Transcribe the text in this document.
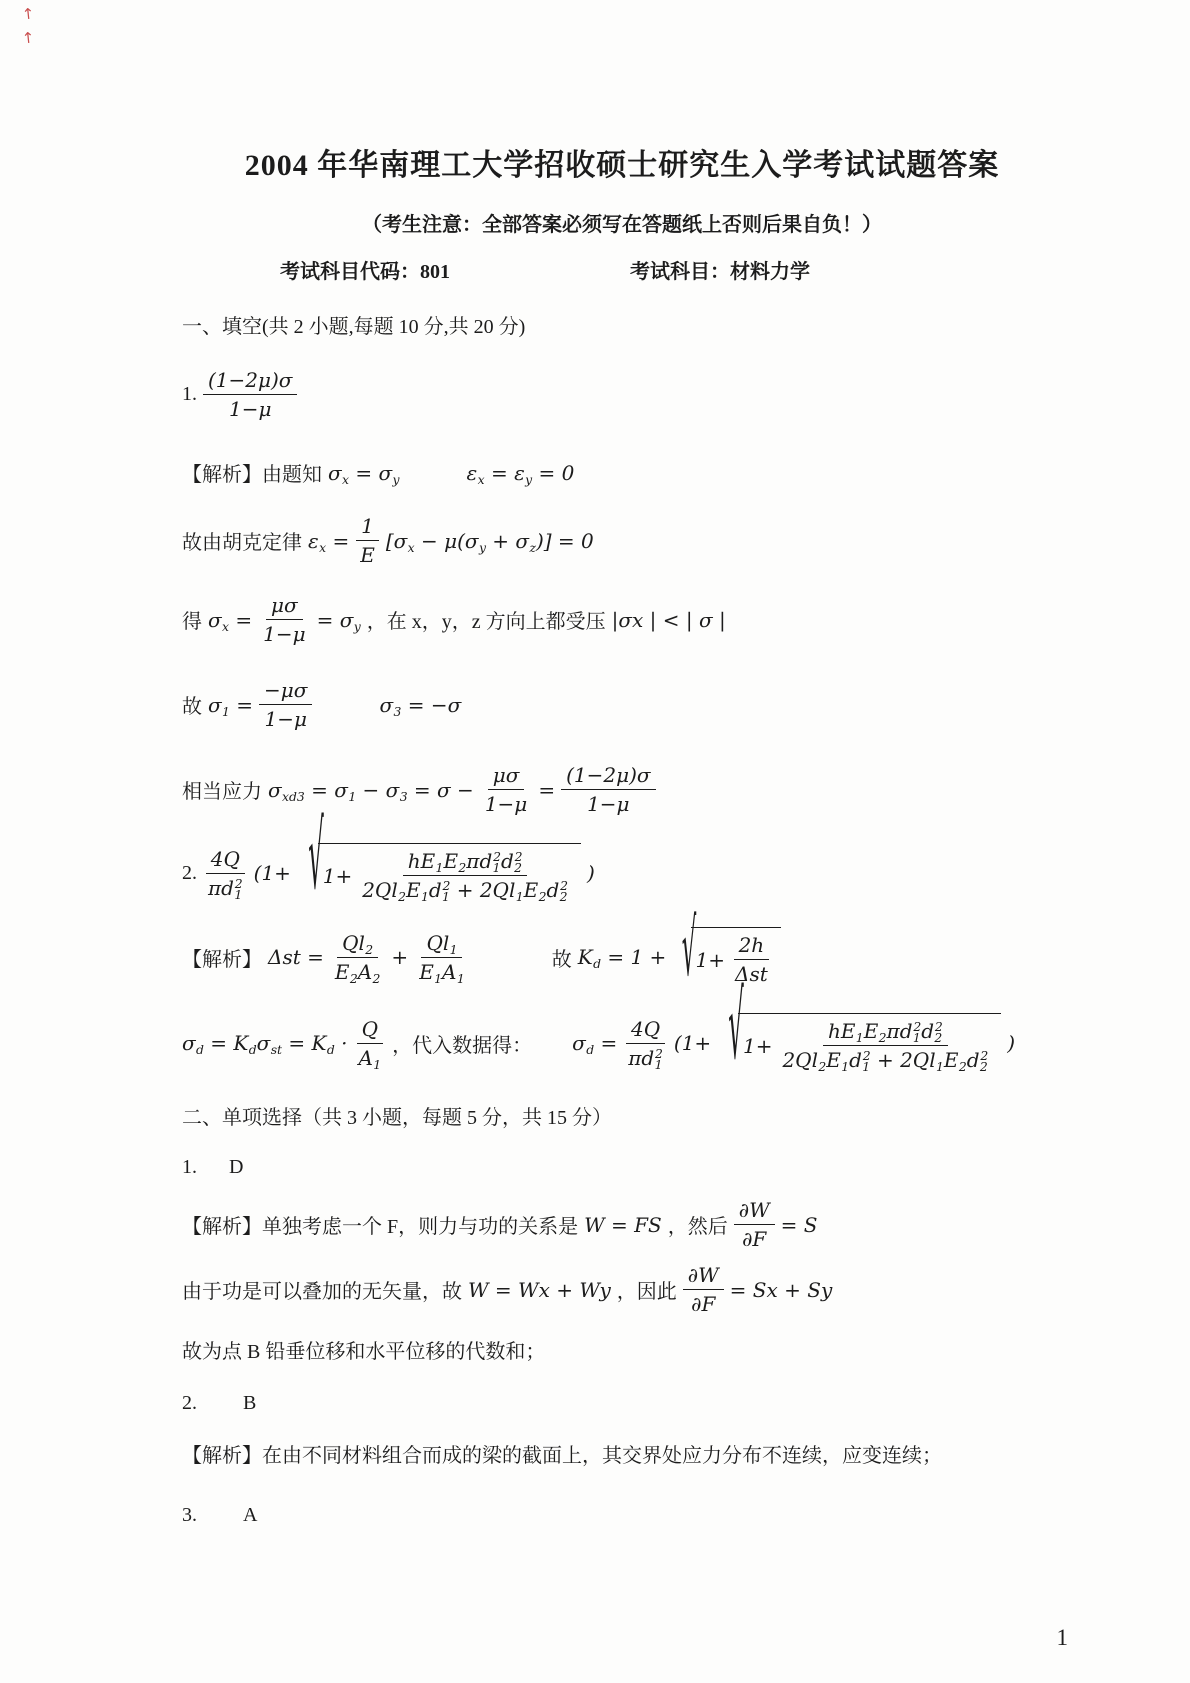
↑
↑
2004 年华南理工大学招收硕士研究生入学考试试题答案

（考生注意：全部答案必须写在答题纸上否则后果自负！）

考试科目代码：801	考试科目：材料力学

一、填空(共 2 小题,每题 10 分,共 20 分)

1. $\frac{(1-2\mu)\sigma}{1-\mu}$
【解析】由题知 $\sigma_x = \sigma_y$	$\varepsilon_x = \varepsilon_y = 0$
故由胡克定律 $\varepsilon_x = \frac{1}{E} [\sigma_x - \mu(\sigma_y + \sigma_z)] = 0$
得 $\sigma_x = \frac{\mu\sigma}{1-\mu} = \sigma_y$ ，在 x，y，z 方向上都受压 |σx | < | σ |
故 $\sigma_1 = \frac{-\mu\sigma}{1-\mu}$	$\sigma_3 = -\sigma$
相当应力 $\sigma_{xd3} = \sigma_1 - \sigma_3 = \sigma - \frac{\mu\sigma}{1-\mu} = \frac{(1-2\mu)\sigma}{1-\mu}$
2. $\frac{4Q}{\pi d_1^2} (1+$ √ $1+ \frac{hE_1E_2\pi d_1^2d_2^2}{2Ql_2E_1d_1^2 + 2Ql_1E_2d_2^2}$ )
【解析】 $\Delta st = \frac{Ql_2}{E_2A_2} + \frac{Ql_1}{E_1A_1}$	故 $K_d = 1$ + √ $1+ \frac{2h}{\text{Δst}}$
$\sigma_d = K_d\sigma_{st} = K_d \cdot \frac{Q}{A_1}$ ，代入数据得： $\sigma_d = \frac{4Q}{\pi d_1^2} (1+$ √ $1+ \frac{hE_1E_2\pi d_1^2d_2^2}{2Ql_2E_1d_1^2 + 2Ql_1E_2d_2^2}$ )

二、单项选择（共 3 小题，每题 5 分，共 15 分）

1. D
【解析】单独考虑一个 F，则力与功的关系是 W = FS ，然后 $\frac{\partial W}{\partial F} = S$
由于功是可以叠加的无矢量，故 W = Wx + Wy ，因此 $\frac{\partial W}{\partial F} = Sx + Sy$

故为点 B 铅垂位移和水平位移的代数和；

2. B

【解析】在由不同材料组合而成的梁的截面上，其交界处应力分布不连续，应变连续；

3. A
1
